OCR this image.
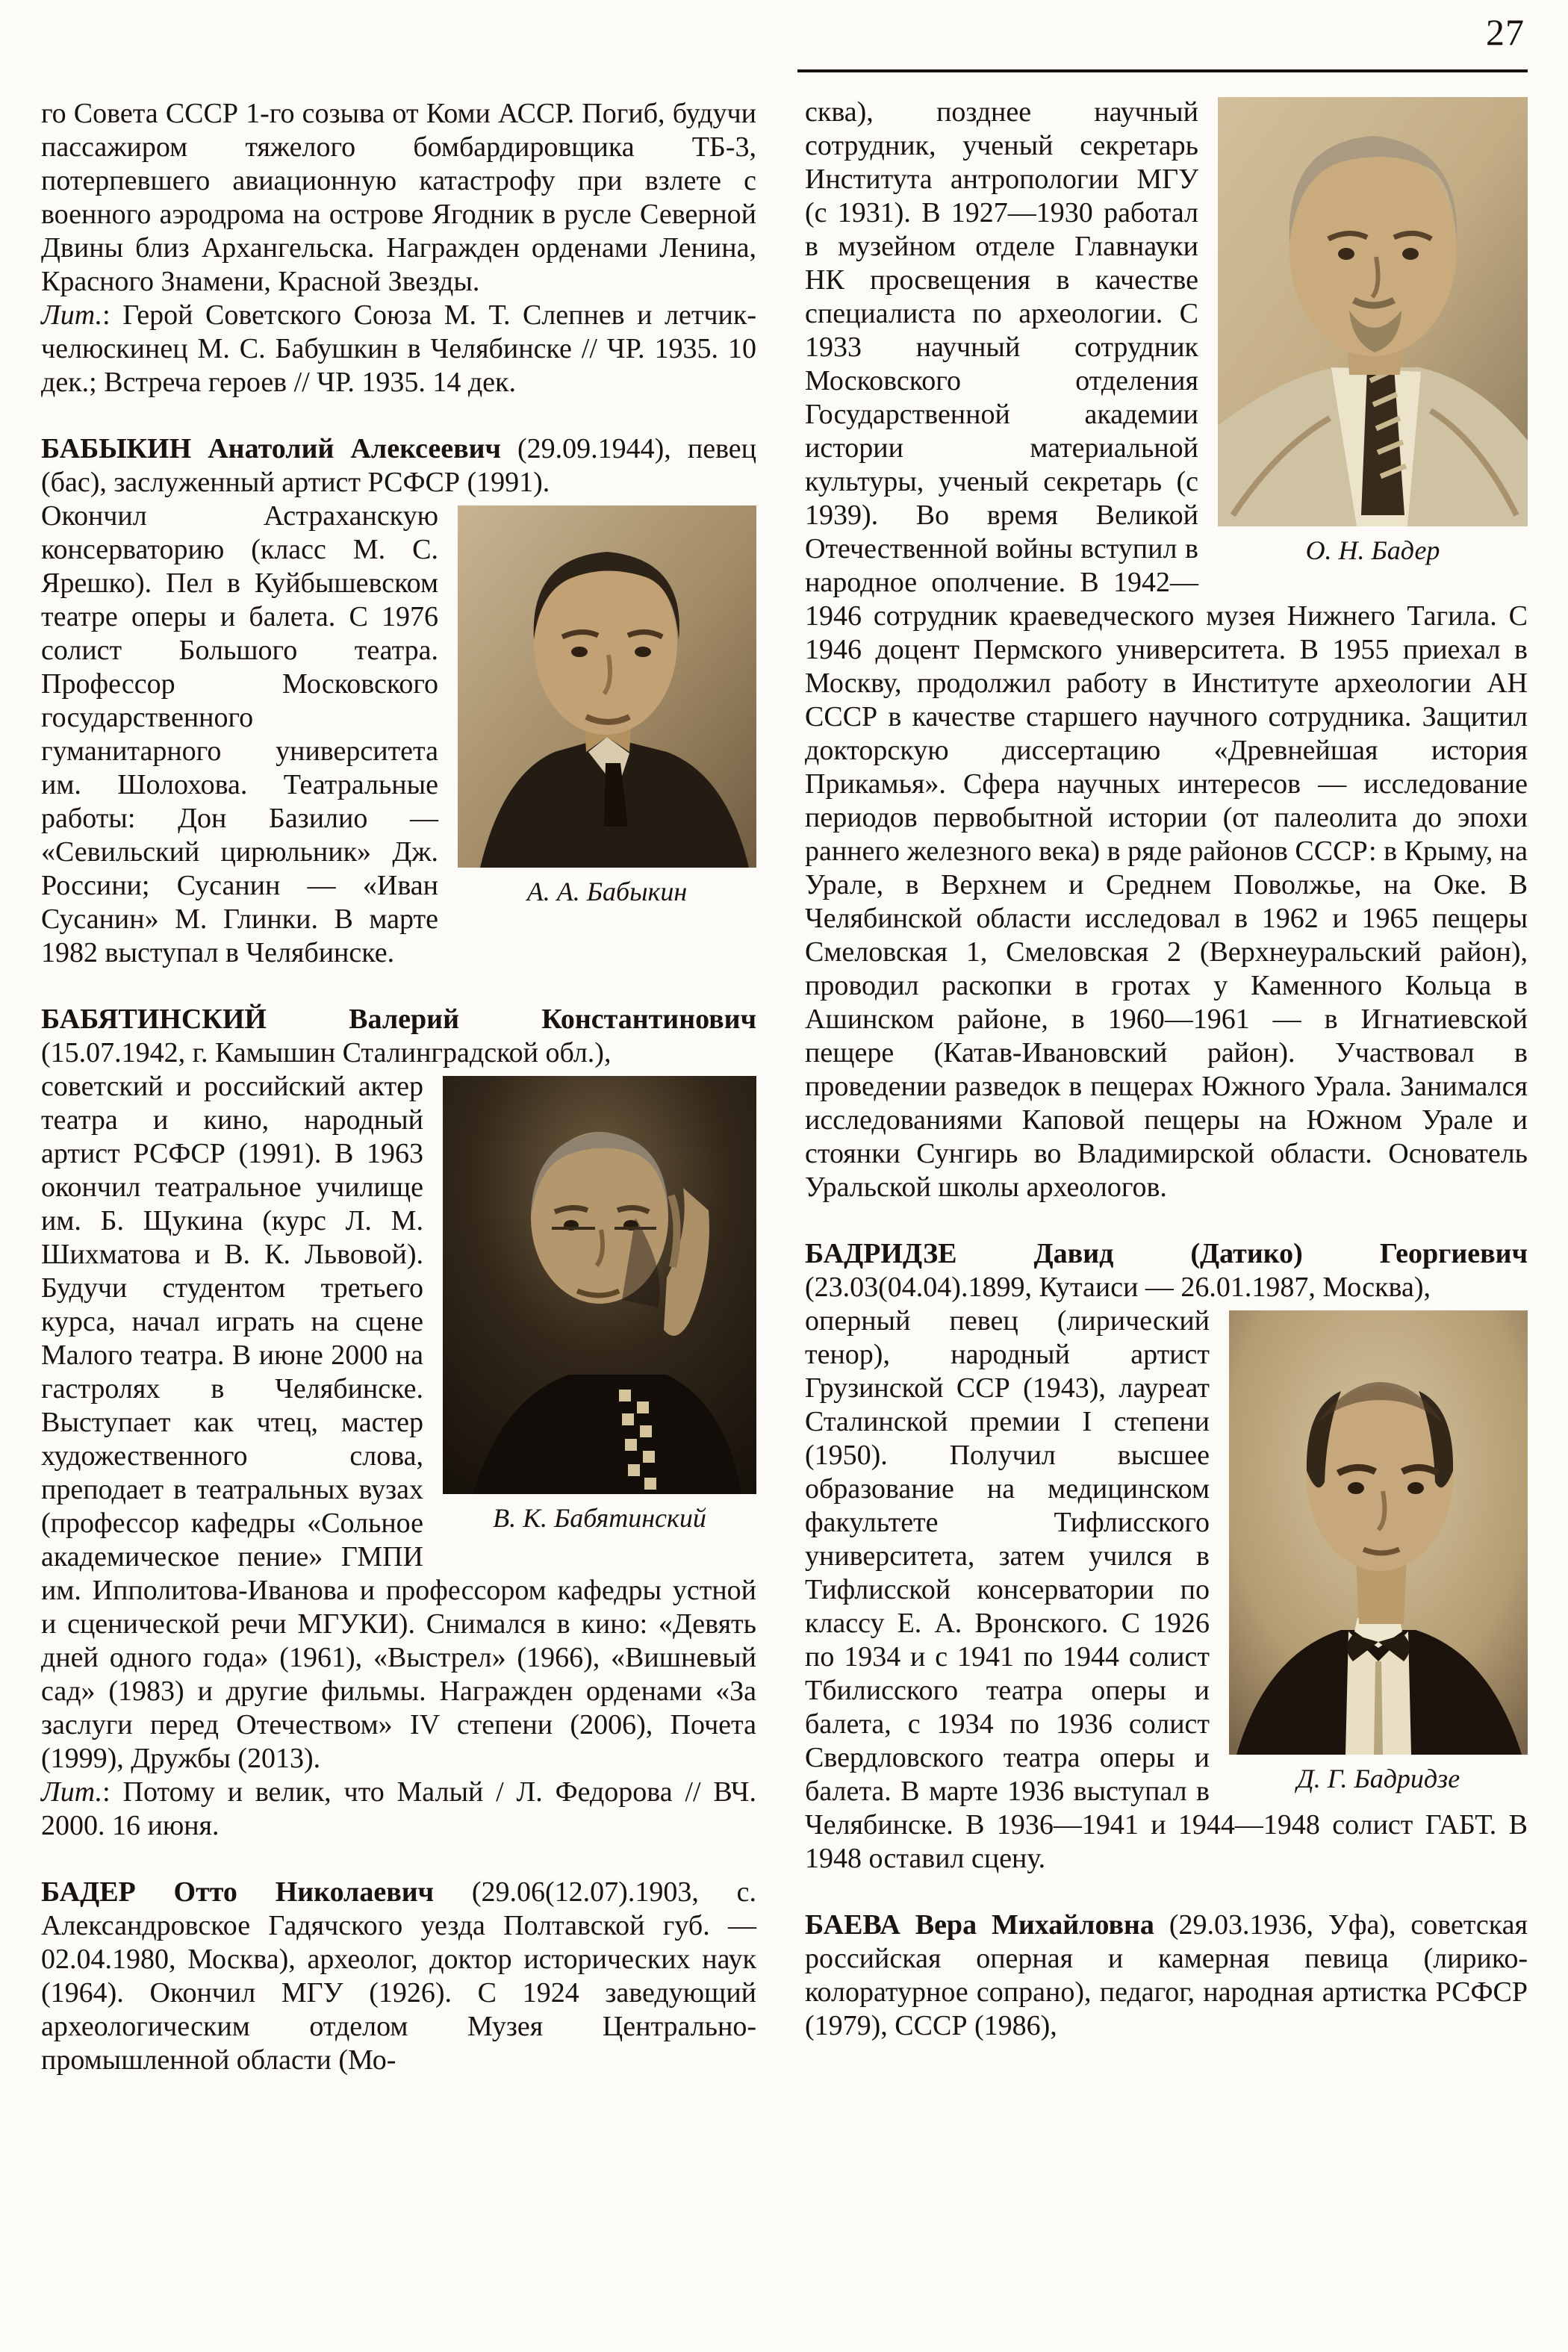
27

го Совета СССР 1-го созыва от Коми АССР. Погиб, будучи пассажиром тяжелого бомбардировщика ТБ-3, потерпевшего авиационную катастрофу при взлете с военного аэродрома на острове Ягодник в русле Северной Двины близ Архангельска. Награжден орденами Ленина, Красного Знамени, Красной Звезды.

Лит.: Герой Советского Союза М. Т. Слепнев и летчик-челюскинец М. С. Бабушкин в Челябинске // ЧР. 1935. 10 дек.; Встреча героев // ЧР. 1935. 14 дек.

БАБЫКИН Анатолий Алексеевич (29.09.1944), певец (бас), заслуженный артист РСФСР (1991).

А. А. Бабыкин

Окончил Астраханскую консерваторию (класс М. С. Ярешко). Пел в Куйбышевском театре оперы и балета. С 1976 солист Большого театра. Профессор Московского государственного гуманитарного университета им. Шолохова. Театральные работы: Дон Базилио — «Севильский цирюльник» Дж. Россини; Сусанин — «Иван Сусанин» М. Глинки. В марте 1982 выступал в Челябинске.

БАБЯТИНСКИЙ Валерий Константинович (15.07.1942, г. Камышин Сталинградской обл.),

В. К. Бабятинский

советский и российский актер театра и кино, народный артист РСФСР (1991). В 1963 окончил театральное училище им. Б. Щукина (курс Л. М. Шихматова и В. К. Львовой). Будучи студентом третьего курса, начал играть на сцене Малого театра. В июне 2000 на гастролях в Челябинске. Выступает как чтец, мастер художественного слова, преподает в театральных вузах (профессор кафедры «Сольное академическое пение» ГМПИ им. Ипполитова-Иванова и профессором кафедры устной и сценической речи МГУКИ). Снимался в кино: «Девять дней одного года» (1961), «Выстрел» (1966), «Вишневый сад» (1983) и другие фильмы. Награжден орденами «За заслуги перед Отечеством» IV степени (2006), Почета (1999), Дружбы (2013).

Лит.: Потому и велик, что Малый / Л. Федорова // ВЧ. 2000. 16 июня.

БАДЕР Отто Николаевич (29.06(12.07).1903, с. Александровское Гадячского уезда Полтавской губ. — 02.04.1980, Москва), археолог, доктор исторических наук (1964). Окончил МГУ (1926). С 1924 заведующий археологическим отделом Музея Центрально-промышленной области (Мо-

О. Н. Бадер

сква), позднее научный сотрудник, ученый секретарь Института антропологии МГУ (с 1931). В 1927—1930 работал в музейном отделе Главнауки НК просвещения в качестве специалиста по археологии. С 1933 научный сотрудник Московского отделения Государственной академии истории материальной культуры, ученый секретарь (с 1939). Во время Великой Отечественной войны вступил в народное ополчение. В 1942—1946 сотрудник краеведческого музея Нижнего Тагила. С 1946 доцент Пермского университета. В 1955 приехал в Москву, продолжил работу в Институте археологии АН СССР в качестве старшего научного сотрудника. Защитил докторскую диссертацию «Древнейшая история Прикамья». Сфера научных интересов — исследование периодов первобытной истории (от палеолита до эпохи раннего железного века) в ряде районов СССР: в Крыму, на Урале, в Верхнем и Среднем Поволжье, на Оке. В Челябинской области исследовал в 1962 и 1965 пещеры Смеловская 1, Смеловская 2 (Верхнеуральский район), проводил раскопки в гротах у Каменного Кольца в Ашинском районе, в 1960—1961 — в Игнатиевской пещере (Катав-Ивановский район). Участвовал в проведении разведок в пещерах Южного Урала. Занимался исследованиями Каповой пещеры на Южном Урале и стоянки Сунгирь во Владимирской области. Основатель Уральской школы археологов.

БАДРИДЗЕ Давид (Датико) Георгиевич (23.03(04.04).1899, Кутаиси — 26.01.1987, Москва),

Д. Г. Бадридзе

оперный певец (лирический тенор), народный артист Грузинской ССР (1943), лауреат Сталинской премии I степени (1950). Получил высшее образование на медицинском факультете Тифлисского университета, затем учился в Тифлисской консерватории по классу Е. А. Вронского. С 1926 по 1934 и с 1941 по 1944 солист Тбилисского театра оперы и балета, с 1934 по 1936 солист Свердловского театра оперы и балета. В марте 1936 выступал в Челябинске. В 1936—1941 и 1944—1948 солист ГАБТ. В 1948 оставил сцену.

БАЕВА Вера Михайловна (29.03.1936, Уфа), советская российская оперная и камерная певица (лирико-колоратурное сопрано), педагог, народная артистка РСФСР (1979), СССР (1986),
